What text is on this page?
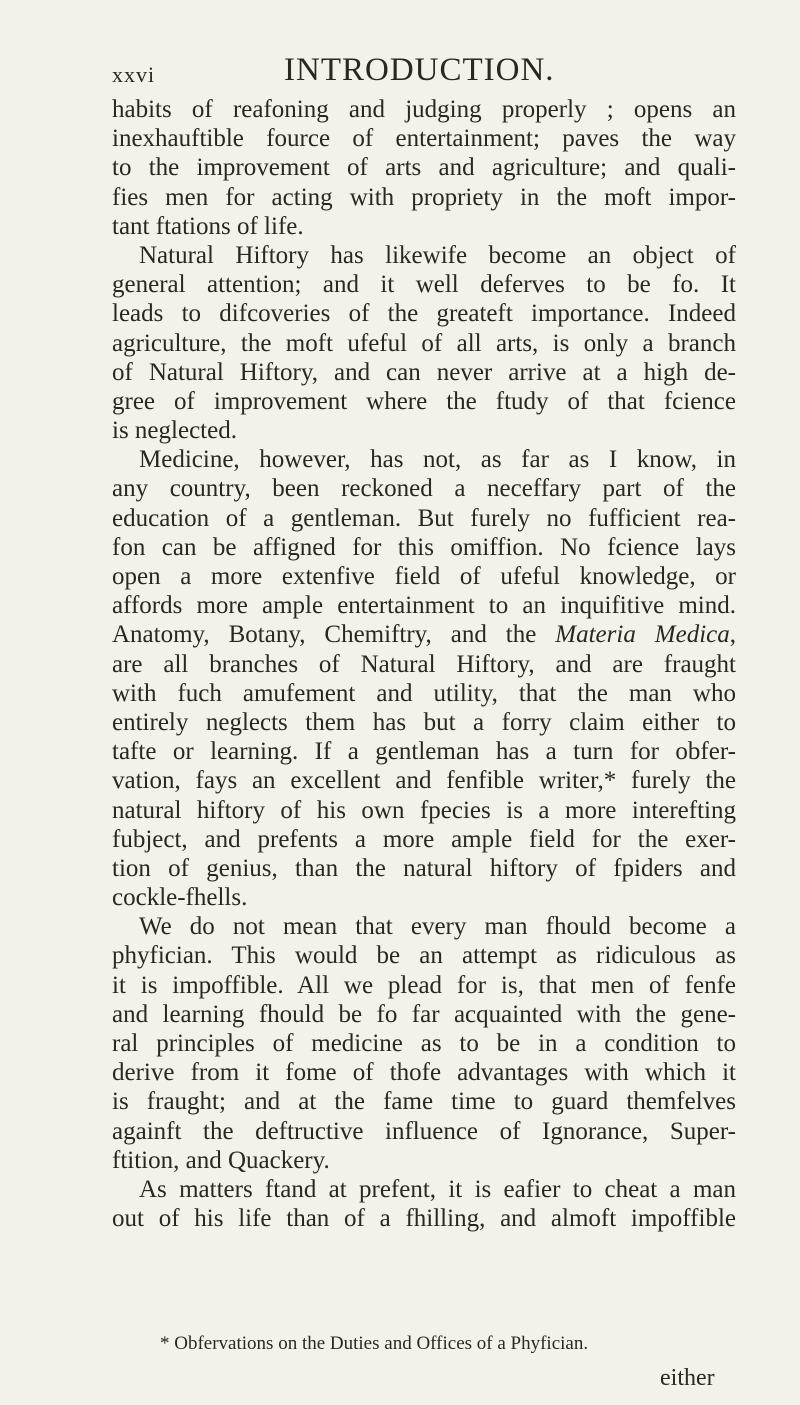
xxvi	INTRODUCTION.
habits of reafoning and judging properly ; opens an
inexhauftible fource of entertainment; paves the way
to the improvement of arts and agriculture; and quali-
fies men for acting with propriety in the moft impor-
tant ftations of life.
Natural Hiftory has likewife become an object of
general attention; and it well deferves to be fo. It
leads to difcoveries of the greateft importance. Indeed
agriculture, the moft ufeful of all arts, is only a branch
of Natural Hiftory, and can never arrive at a high de-
gree of improvement where the ftudy of that fcience
is neglected.
Medicine, however, has not, as far as I know, in
any country, been reckoned a neceffary part of the
education of a gentleman. But furely no fufficient rea-
fon can be affigned for this omiffion. No fcience lays
open a more extenfive field of ufeful knowledge, or
affords more ample entertainment to an inquifitive mind.
Anatomy, Botany, Chemiftry, and the Materia Medica,
are all branches of Natural Hiftory, and are fraught
with fuch amufement and utility, that the man who
entirely neglects them has but a forry claim either to
tafte or learning. If a gentleman has a turn for obfer-
vation, fays an excellent and fenfible writer,* furely the
natural hiftory of his own fpecies is a more interefting
fubject, and prefents a more ample field for the exer-
tion of genius, than the natural hiftory of fpiders and
cockle-fhells.
We do not mean that every man fhould become a
phyfician. This would be an attempt as ridiculous as
it is impoffible. All we plead for is, that men of fenfe
and learning fhould be fo far acquainted with the gene-
ral principles of medicine as to be in a condition to
derive from it fome of thofe advantages with which it
is fraught; and at the fame time to guard themfelves
againft the deftructive influence of Ignorance, Super-
ftition, and Quackery.
As matters ftand at prefent, it is eafier to cheat a man
out of his life than of a fhilling, and almoft impoffible
* Obfervations on the Duties and Offices of a Phyfician.
either
